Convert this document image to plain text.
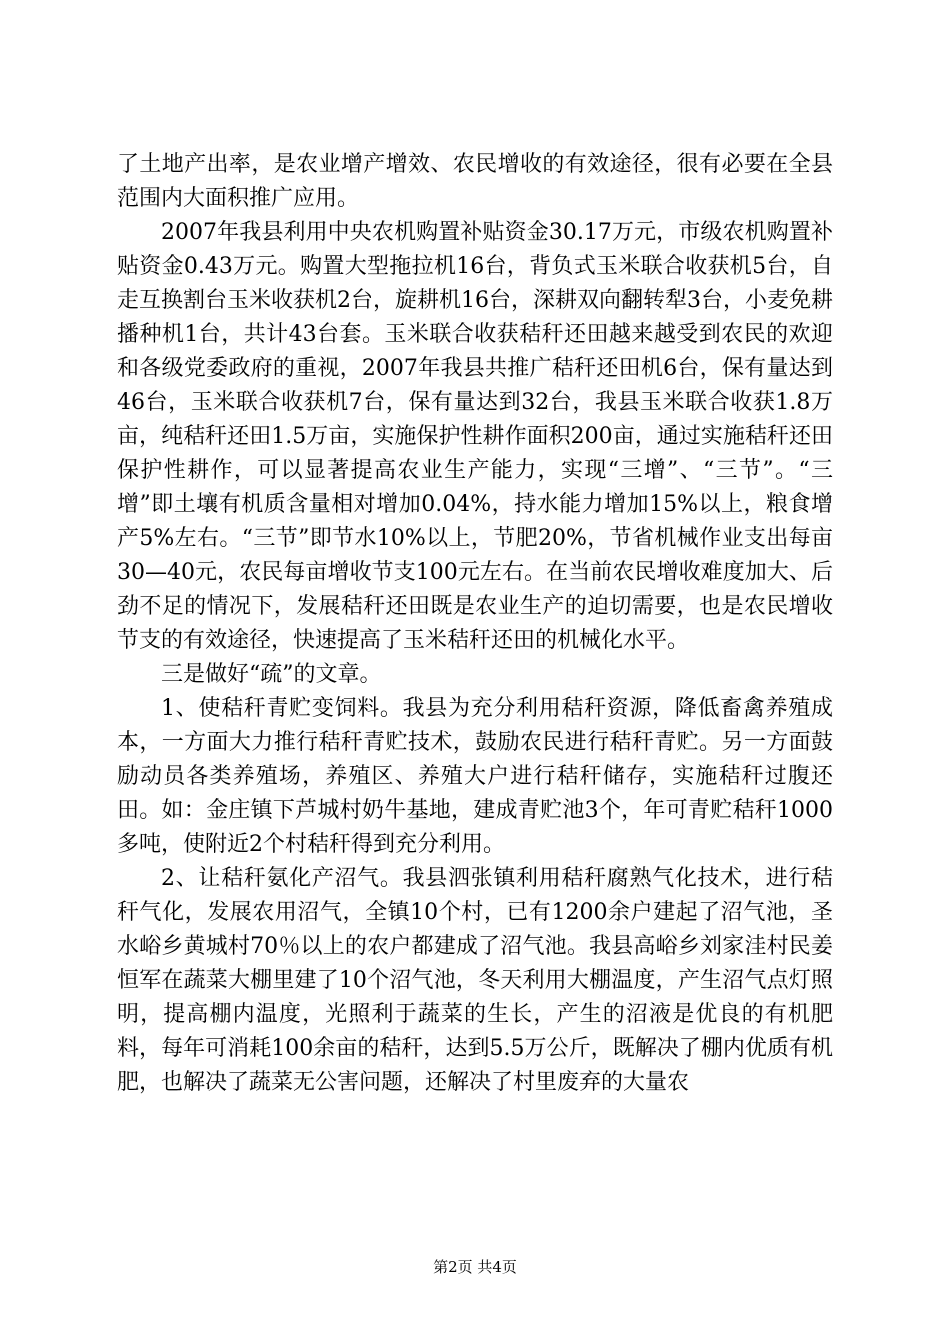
了土地产出率，是农业增产增效、农民增收的有效途径，很有必要在全县范围内大面积推广应用。

2007年我县利用中央农机购置补贴资金30.17万元，市级农机购置补贴资金0.43万元。购置大型拖拉机16台，背负式玉米联合收获机5台，自走互换割台玉米收获机2台，旋耕机16台，深耕双向翻转犁3台，小麦免耕播种机1台，共计43台套。玉米联合收获秸秆还田越来越受到农民的欢迎和各级党委政府的重视，2007年我县共推广秸秆还田机6台，保有量达到46台，玉米联合收获机7台，保有量达到32台，我县玉米联合收获1.8万亩，纯秸秆还田1.5万亩，实施保护性耕作面积200亩，通过实施秸秆还田保护性耕作，可以显著提高农业生产能力，实现“三增”、“三节”。“三增”即土壤有机质含量相对增加0.04%，持水能力增加15%以上，粮食增产5%左右。“三节”即节水10%以上，节肥20%，节省机械作业支出每亩30—40元，农民每亩增收节支100元左右。在当前农民增收难度加大、后劲不足的情况下，发展秸秆还田既是农业生产的迫切需要，也是农民增收节支的有效途径，快速提高了玉米秸秆还田的机械化水平。

三是做好“疏”的文章。

1、使秸秆青贮变饲料。我县为充分利用秸秆资源，降低畜禽养殖成本，一方面大力推行秸秆青贮技术，鼓励农民进行秸秆青贮。另一方面鼓励动员各类养殖场，养殖区、养殖大户进行秸秆储存，实施秸秆过腹还田。如：金庄镇下芦城村奶牛基地，建成青贮池3个，年可青贮秸秆1000多吨，使附近2个村秸秆得到充分利用。

2、让秸秆氨化产沼气。我县泗张镇利用秸秆腐熟气化技术，进行秸秆气化，发展农用沼气，全镇10个村，已有1200余户建起了沼气池，圣水峪乡黄城村70％以上的农户都建成了沼气池。我县高峪乡刘家洼村民姜恒军在蔬菜大棚里建了10个沼气池，冬天利用大棚温度，产生沼气点灯照明，提高棚内温度，光照利于蔬菜的生长，产生的沼液是优良的有机肥料，每年可消耗100余亩的秸秆，达到5.5万公斤，既解决了棚内优质有机肥，也解决了蔬菜无公害问题，还解决了村里废弃的大量农

第2页 共4页
